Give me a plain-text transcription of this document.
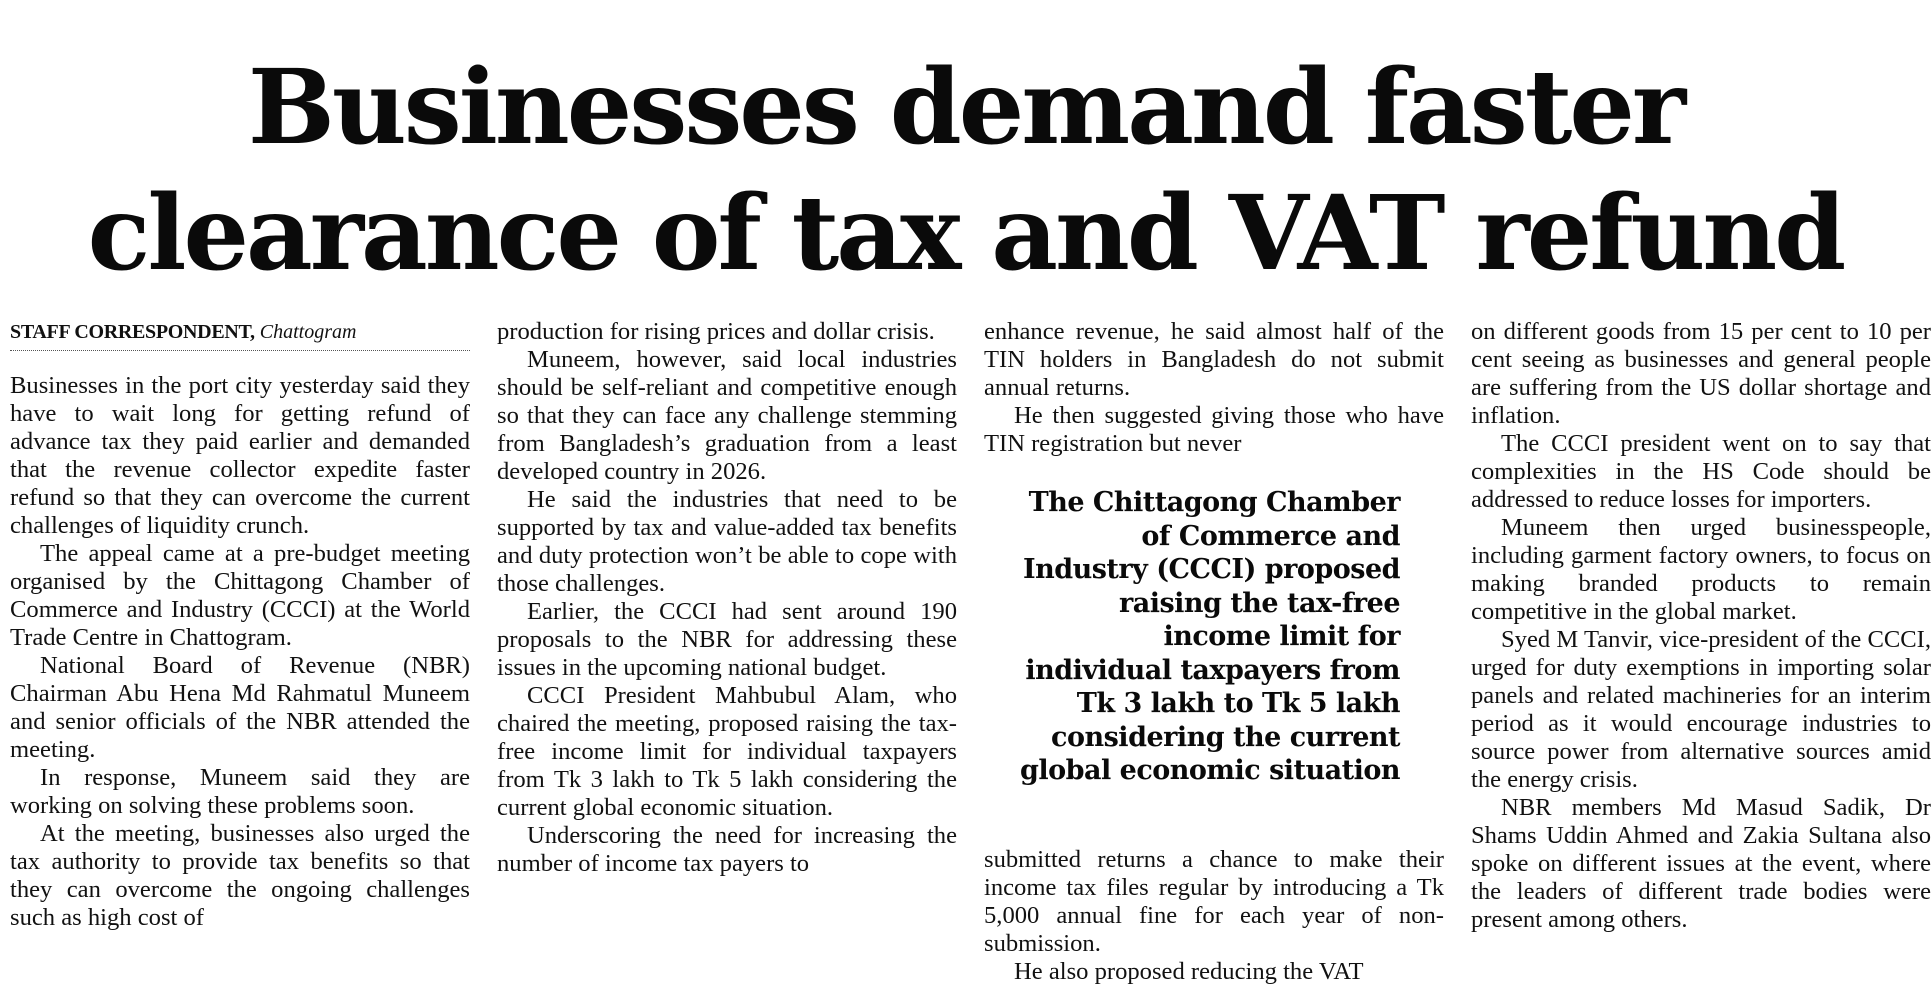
Businesses demand faster
clearance of tax and VAT refund
STAFF CORRESPONDENT, Chattogram

Businesses in the port city yesterday said they have to wait long for getting refund of advance tax they paid earlier and demanded that the revenue collector expedite faster refund so that they can overcome the current challenges of liquidity crunch.

The appeal came at a pre-budget meeting organised by the Chittagong Chamber of Commerce and Industry (CCCI) at the World Trade Centre in Chattogram.

National Board of Revenue (NBR) Chairman Abu Hena Md Rahmatul Muneem and senior officials of the NBR attended the meeting.

In response, Muneem said they are working on solving these problems soon.

At the meeting, businesses also urged the tax authority to provide tax benefits so that they can overcome the ongoing challenges such as high cost of

production for rising prices and dollar crisis.

Muneem, however, said local industries should be self-reliant and competitive enough so that they can face any challenge stemming from Bangladesh’s graduation from a least developed country in 2026.

He said the industries that need to be supported by tax and value-added tax benefits and duty protection won’t be able to cope with those challenges.

Earlier, the CCCI had sent around 190 proposals to the NBR for addressing these issues in the upcoming national budget.

CCCI President Mahbubul Alam, who chaired the meeting, proposed raising the tax-free income limit for individual taxpayers from Tk 3 lakh to Tk 5 lakh considering the current global economic situation.

Underscoring the need for increasing the number of income tax payers to

enhance revenue, he said almost half of the TIN holders in Bangladesh do not submit annual returns.

He then suggested giving those who have TIN registration but never

The Chittagong Chamber of Commerce and Industry (CCCI) proposed raising the tax-free income limit for individual taxpayers from Tk 3 lakh to Tk 5 lakh considering the current global economic situation

submitted returns a chance to make their income tax files regular by introducing a Tk 5,000 annual fine for each year of non-submission.

He also proposed reducing the VAT

on different goods from 15 per cent to 10 per cent seeing as businesses and general people are suffering from the US dollar shortage and inflation.

The CCCI president went on to say that complexities in the HS Code should be addressed to reduce losses for importers.

Muneem then urged businesspeople, including garment factory owners, to focus on making branded products to remain competitive in the global market.

Syed M Tanvir, vice-president of the CCCI, urged for duty exemptions in importing solar panels and related machineries for an interim period as it would encourage industries to source power from alternative sources amid the energy crisis.

NBR members Md Masud Sadik, Dr Shams Uddin Ahmed and Zakia Sultana also spoke on different issues at the event, where the leaders of different trade bodies were present among others.
